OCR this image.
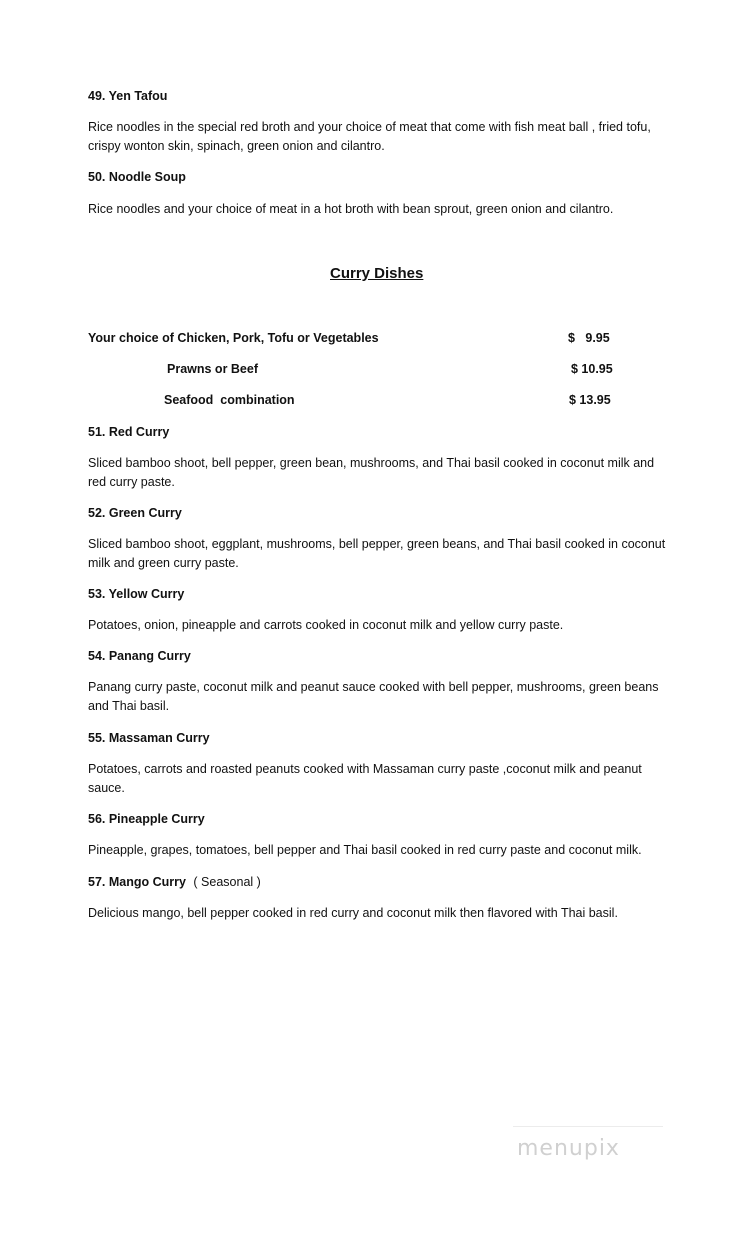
49. Yen Tafou
Rice noodles in the special red broth and your choice of meat that come with fish meat ball , fried tofu, crispy wonton skin, spinach, green onion and cilantro.
50. Noodle Soup
Rice noodles and your choice of meat in a hot broth with bean sprout, green onion and cilantro.
Curry Dishes
Your choice of Chicken, Pork, Tofu or Vegetables	$   9.95
Prawns or Beef	$ 10.95
Seafood  combination	$ 13.95
51. Red Curry
Sliced bamboo shoot, bell pepper, green bean, mushrooms, and Thai basil cooked in coconut milk and red curry paste.
52. Green Curry
Sliced bamboo shoot, eggplant, mushrooms, bell pepper, green beans, and Thai basil cooked in coconut milk and green curry paste.
53. Yellow Curry
Potatoes, onion, pineapple and carrots cooked in coconut milk and yellow curry paste.
54. Panang Curry
Panang curry paste, coconut milk and peanut sauce cooked with bell pepper, mushrooms, green beans and Thai basil.
55. Massaman Curry
Potatoes, carrots and roasted peanuts cooked with Massaman curry paste ,coconut milk and peanut sauce.
56. Pineapple Curry
Pineapple, grapes, tomatoes, bell pepper and Thai basil cooked in red curry paste and coconut milk.
57. Mango Curry ( Seasonal )
Delicious mango, bell pepper cooked in red curry and coconut milk then flavored with Thai basil.
menupix
